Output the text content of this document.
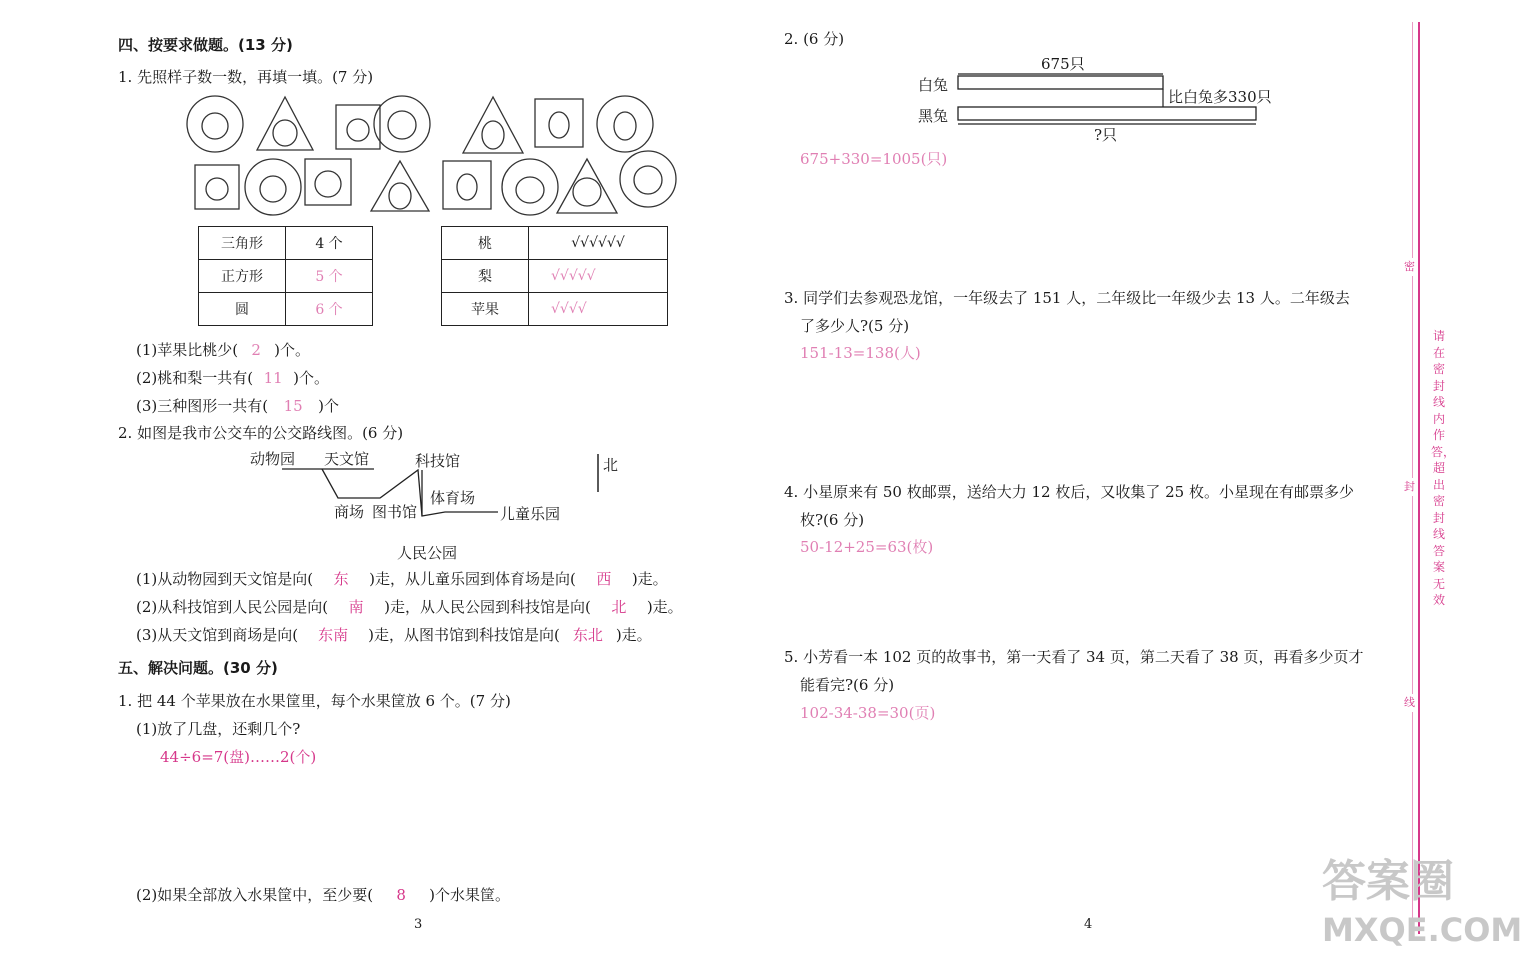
四、按要求做题。(13 分)
1. 先照样子数一数，再填一填。(7 分)
三角形	4 个
正方形	5 个
圆	6 个
桃	√√√√√√
梨	√√√√√
苹果	√√√√
(1)苹果比桃少( 2 )个。
(2)桃和梨一共有( 11 )个。
(3)三种图形一共有( 15 )个
2. 如图是我市公交车的公交路线图。(6 分)
动物园 天文馆	科技馆
体育场
商场 图书馆	儿童乐园
人民公园
北
(1)从动物园到天文馆是向( 东 )走，从儿童乐园到体育场是向( 西 )走。
(2)从科技馆到人民公园是向( 南 )走，从人民公园到科技馆是向( 北 )走。
(3)从天文馆到商场是向( 东南 )走，从图书馆到科技馆是向( 东北 )走。
五、解决问题。(30 分)
1. 把 44 个苹果放在水果筐里，每个水果筐放 6 个。(7 分)
(1)放了几盘，还剩几个?
44÷6=7(盘)……2(个)
(2)如果全部放入水果筐中，至少要( 8 )个水果筐。
3
2. (6 分)
675只
白兔
黑兔
比白兔多330只
?只
675+330=1005(只)
3. 同学们去参观恐龙馆，一年级去了 151 人，二年级比一年级少去 13 人。二年级去
了多少人?(5 分)
151-13=138(人)
4. 小星原来有 50 枚邮票，送给大力 12 枚后，又收集了 25 枚。小星现在有邮票多少
枚?(6 分)
50-12+25=63(枚)
5. 小芳看一本 102 页的故事书，第一天看了 34 页，第二天看了 38 页，再看多少页才
能看完?(6 分)
102-34-38=30(页)
4
密
封
线
请在密封线内作答，超出密封线答案无效
答案圈
MXQE.COM
